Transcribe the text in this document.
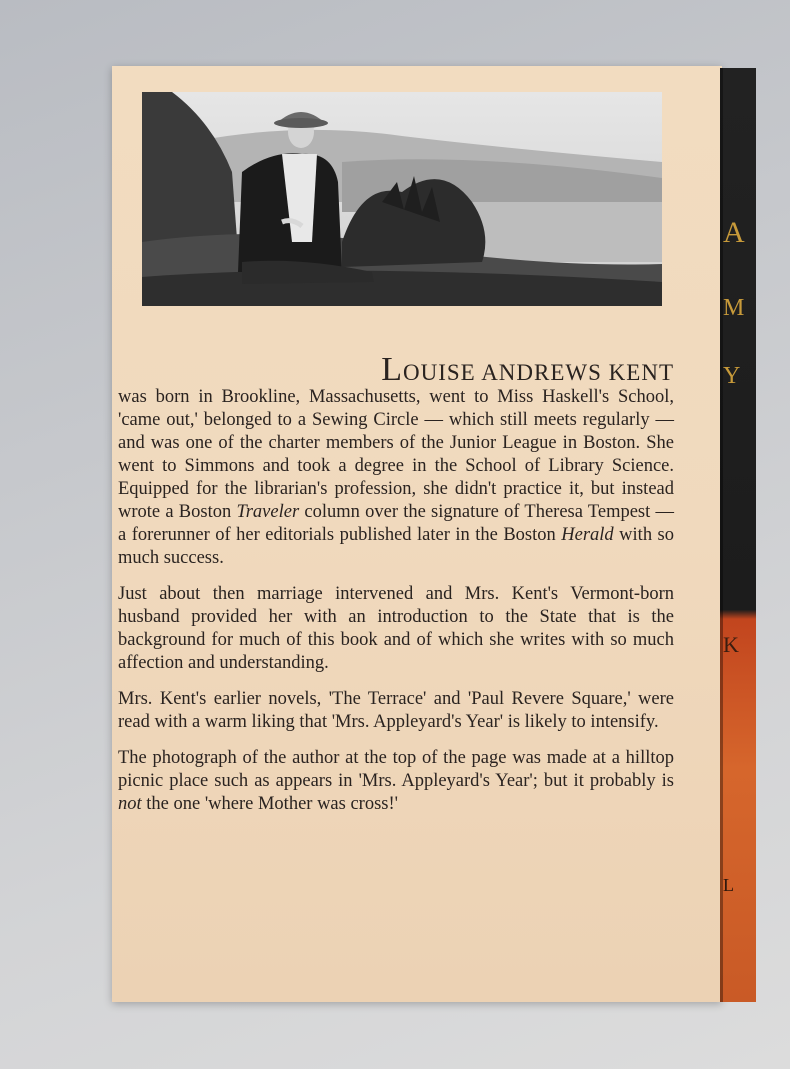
A
M
Y
K
L

LOUISE ANDREWS KENT

was born in Brookline, Massachusetts, went to Miss Haskell's School, 'came out,' belonged to a Sewing Circle — which still meets regularly — and was one of the charter members of the Junior League in Boston. She went to Simmons and took a degree in the School of Library Science. Equipped for the librarian's profession, she didn't practice it, but instead wrote a Boston Traveler column over the signature of Theresa Tempest — a forerunner of her editorials published later in the Boston Herald with so much success.

Just about then marriage intervened and Mrs. Kent's Vermont-born husband provided her with an introduction to the State that is the background for much of this book and of which she writes with so much affection and understanding.

Mrs. Kent's earlier novels, 'The Terrace' and 'Paul Revere Square,' were read with a warm liking that 'Mrs. Appleyard's Year' is likely to intensify.

The photograph of the author at the top of the page was made at a hilltop picnic place such as appears in 'Mrs. Appleyard's Year'; but it probably is not the one 'where Mother was cross!'
